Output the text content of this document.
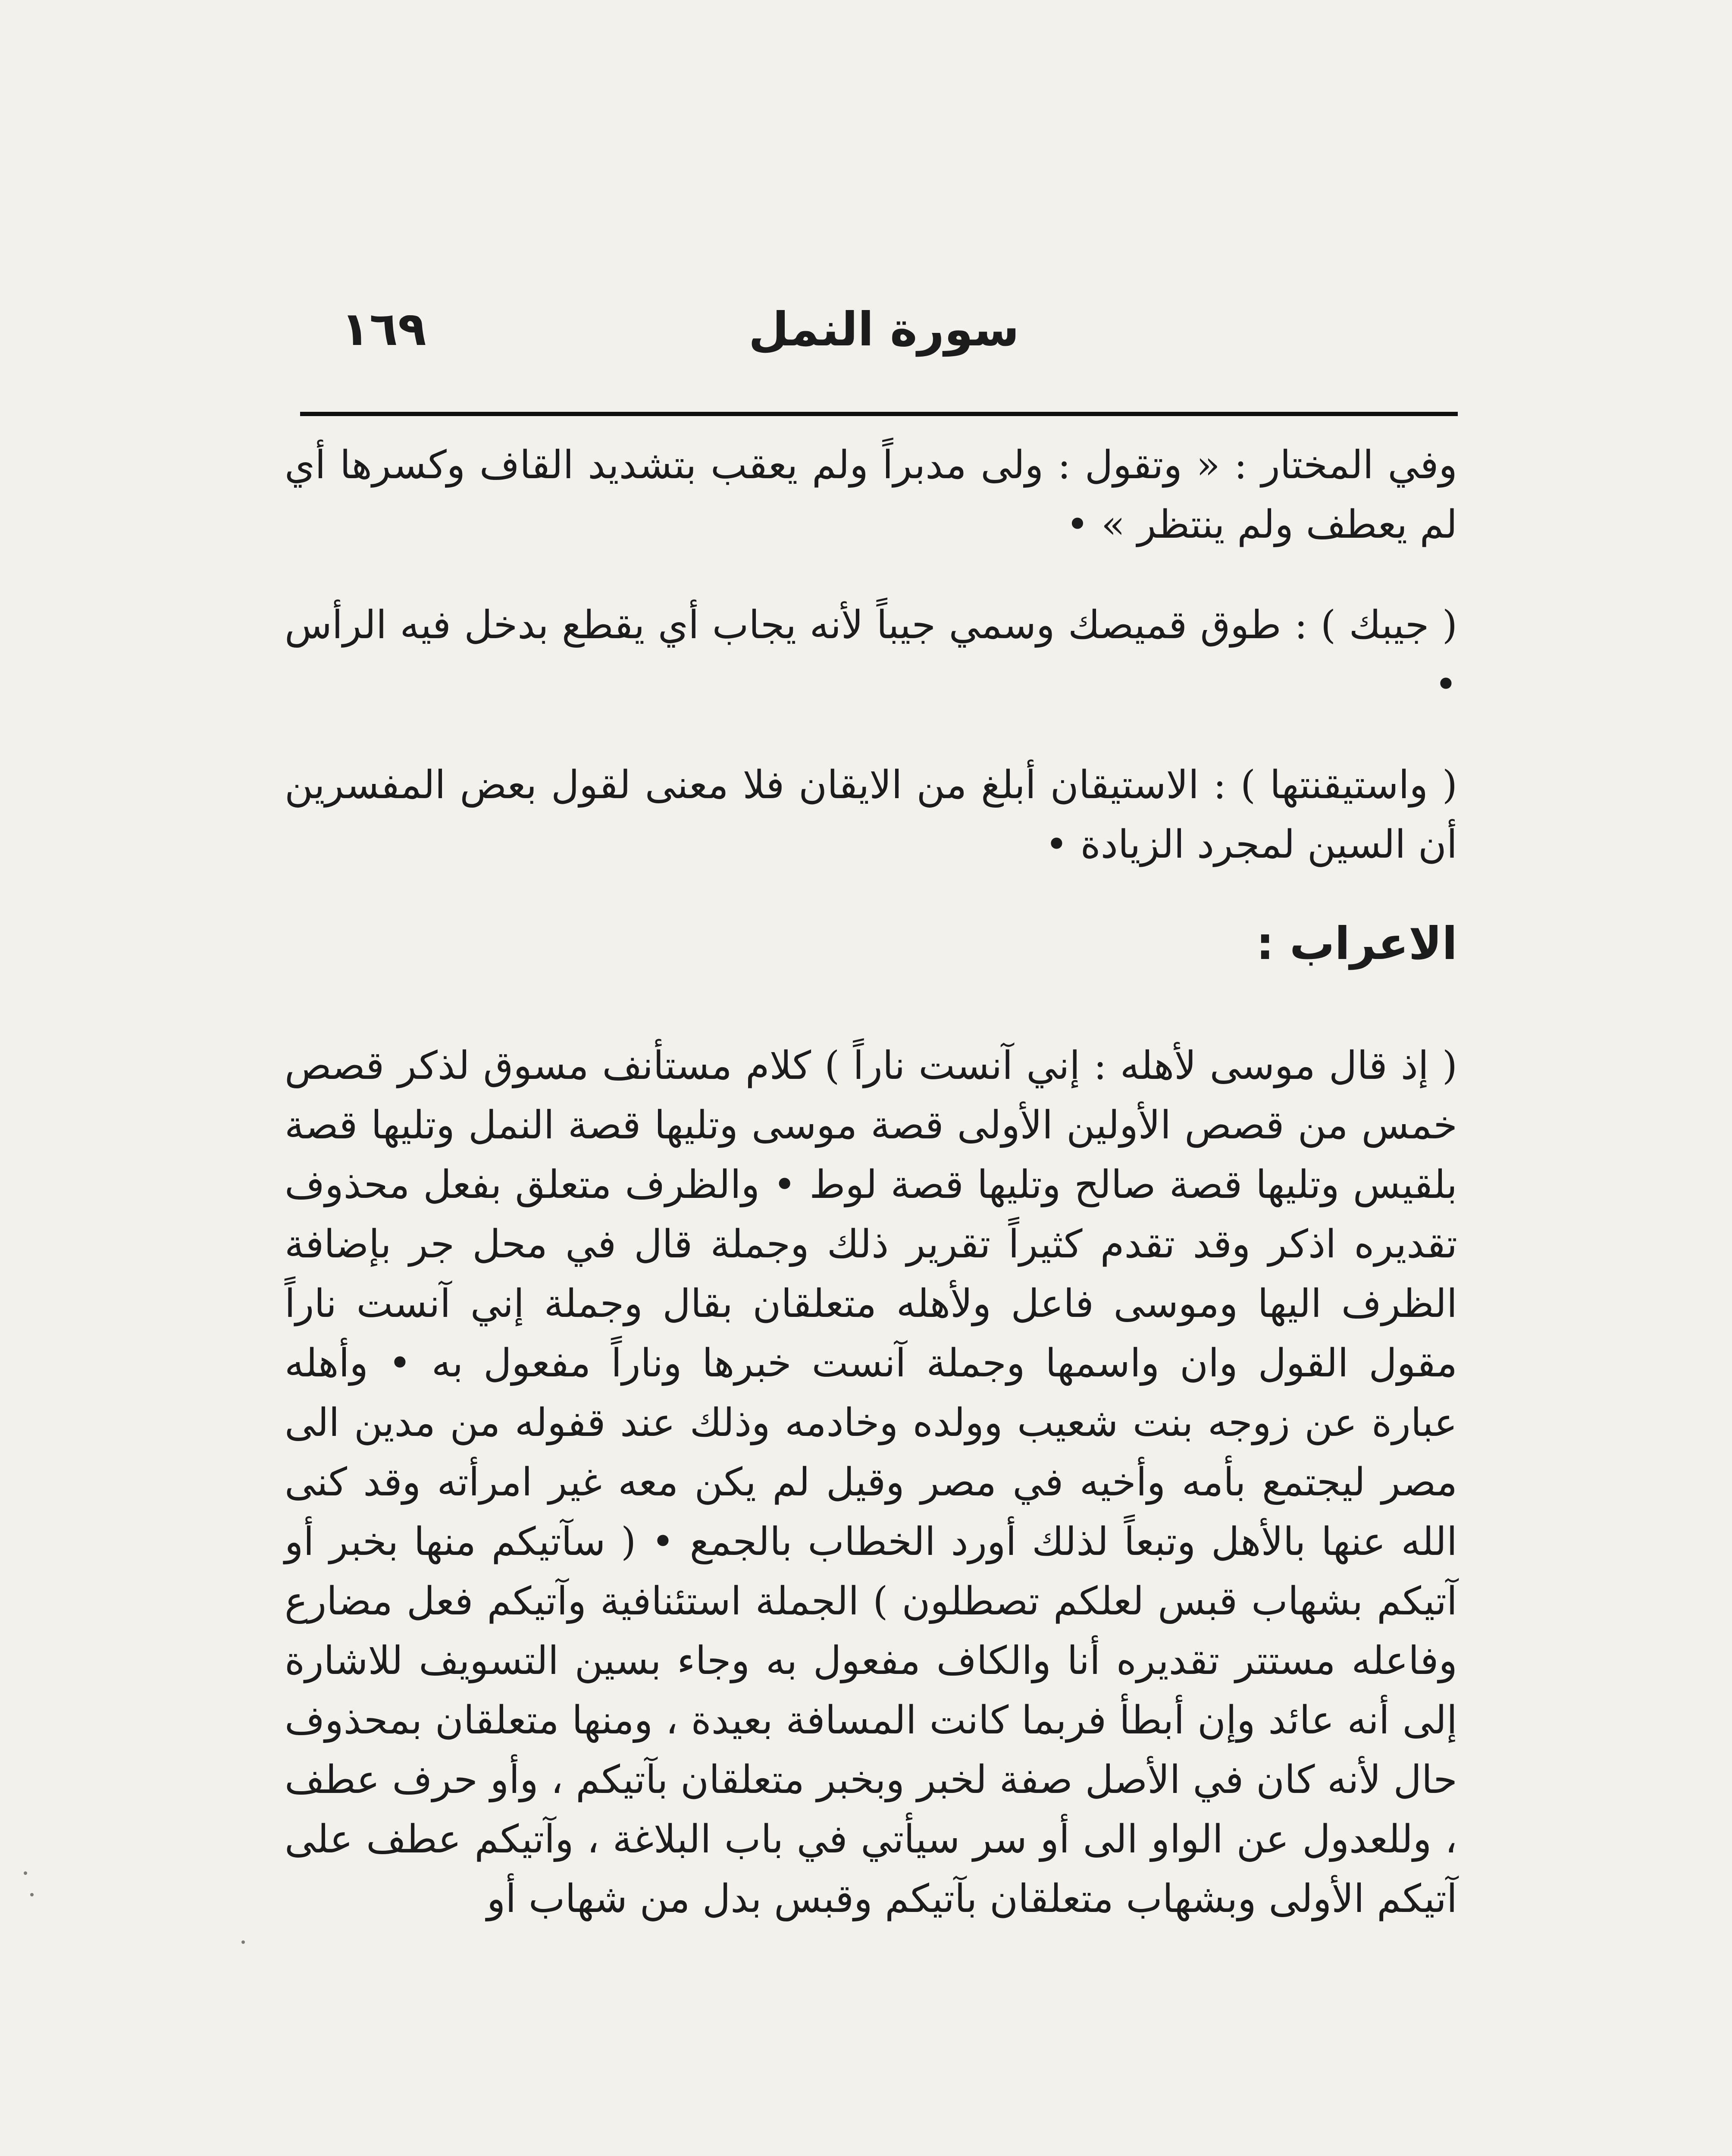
١٦٩	سورة النمل

وفي المختار : « وتقول : ولى مدبراً ولم يعقب بتشديد القاف وكسرها أي لم يعطف ولم ينتظر » •

( جيبك ) : طوق قميصك وسمي جيباً لأنه يجاب أي يقطع بدخل فيه الرأس •

( واستيقنتها ) : الاستيقان أبلغ من الايقان فلا معنى لقول بعض المفسرين أن السين لمجرد الزيادة •

الاعراب :

( إذ قال موسى لأهله : إني آنست ناراً ) كلام مستأنف مسوق لذكر قصص خمس من قصص الأولين الأولى قصة موسى وتليها قصة النمل وتليها قصة بلقيس وتليها قصة صالح وتليها قصة لوط • والظرف متعلق بفعل محذوف تقديره اذكر وقد تقدم كثيراً تقرير ذلك وجملة قال في محل جر بإضافة الظرف اليها وموسى فاعل ولأهله متعلقان بقال وجملة إني آنست ناراً مقول القول وان واسمها وجملة آنست خبرها وناراً مفعول به • وأهله عبارة عن زوجه بنت شعيب وولده وخادمه وذلك عند قفوله من مدين الى مصر ليجتمع بأمه وأخيه في مصر وقيل لم يكن معه غير امرأته وقد كنى الله عنها بالأهل وتبعاً لذلك أورد الخطاب بالجمع • ( سآتيكم منها بخبر أو آتيكم بشهاب قبس لعلكم تصطلون ) الجملة استئنافية وآتيكم فعل مضارع وفاعله مستتر تقديره أنا والكاف مفعول به وجاء بسين التسويف للاشارة إلى أنه عائد وإن أبطأ فربما كانت المسافة بعيدة ، ومنها متعلقان بمحذوف حال لأنه كان في الأصل صفة لخبر وبخبر متعلقان بآتيكم ، وأو حرف عطف ، وللعدول عن الواو الى أو سر سيأتي في باب البلاغة ، وآتيكم عطف على آتيكم الأولى وبشهاب متعلقان بآتيكم وقبس بدل من شهاب أو
